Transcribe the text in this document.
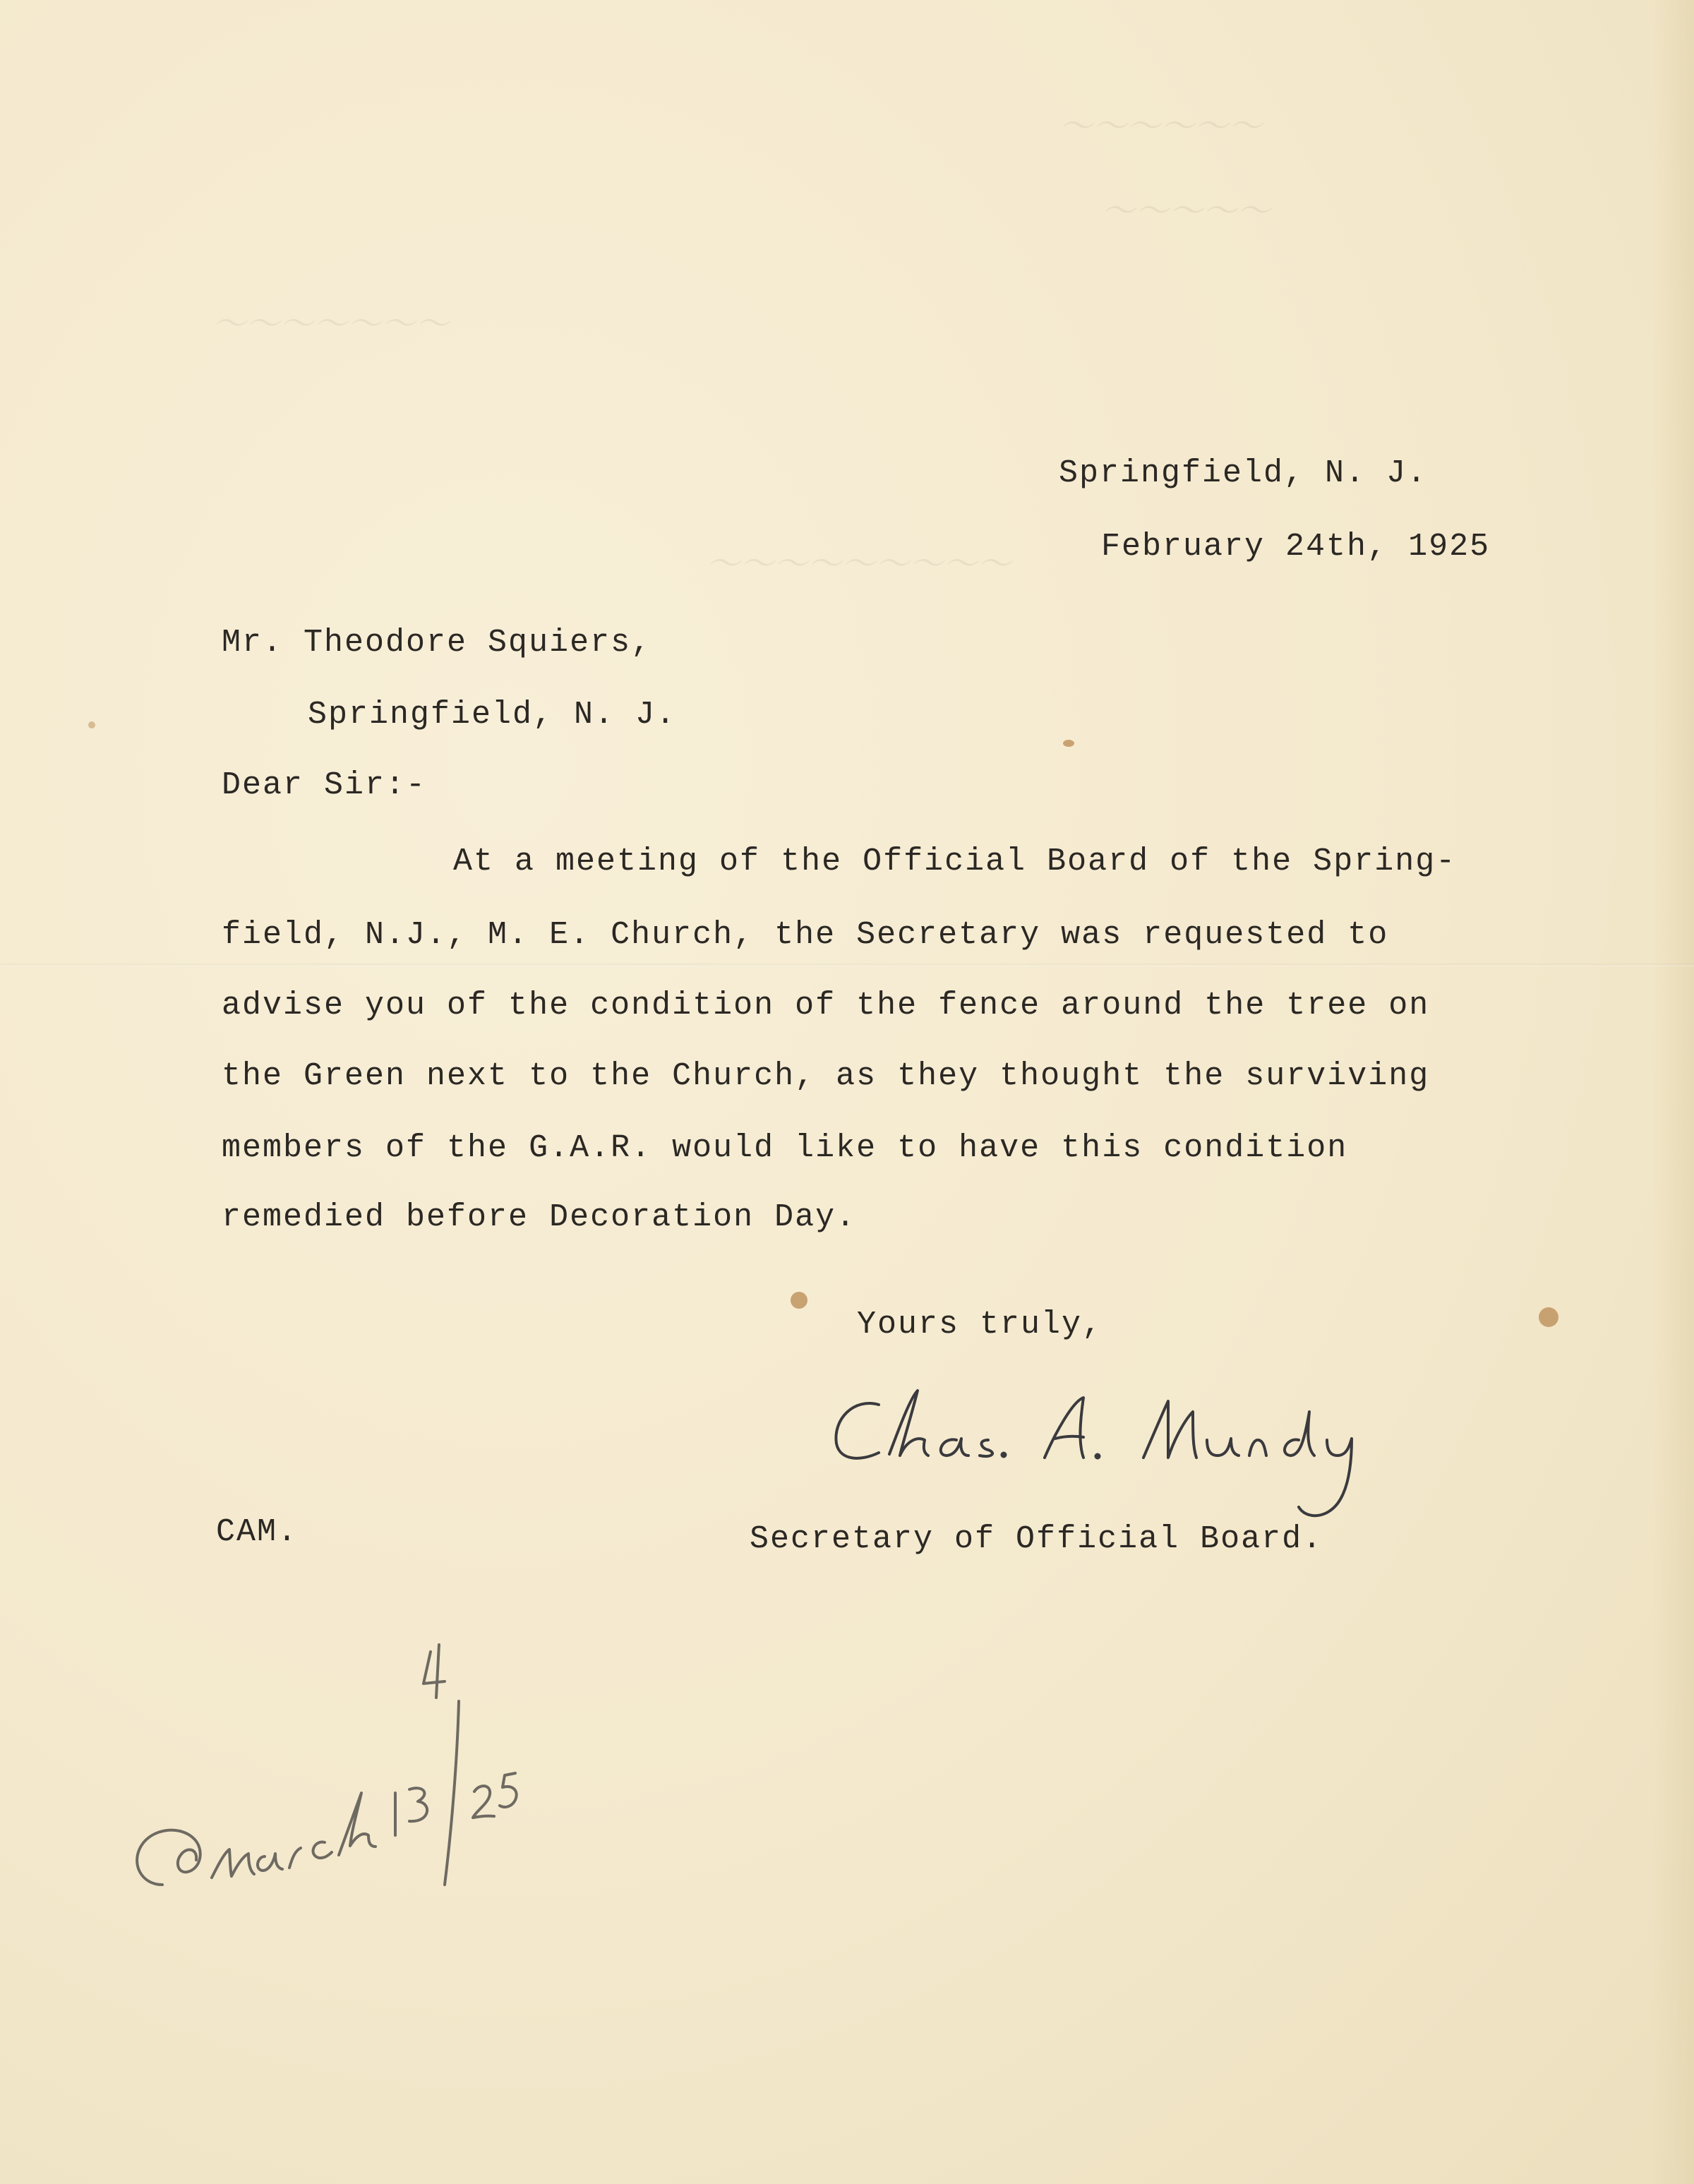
〜〜〜〜〜〜
〜〜〜〜〜
〜〜〜〜〜〜〜
〜〜〜〜〜〜〜〜〜
Springfield, N. J.
February 24th, 1925
Mr. Theodore Squiers,
Springfield, N. J.
Dear Sir:-
At a meeting of the Official Board of the Spring-
field, N.J., M. E. Church, the Secretary was requested to
advise you of the condition of the fence around the tree on
the Green next to the Church, as they thought the surviving
members of the G.A.R. would like to have this condition
remedied before Decoration Day.
Yours truly,
CAM.	Secretary of Official Board.
